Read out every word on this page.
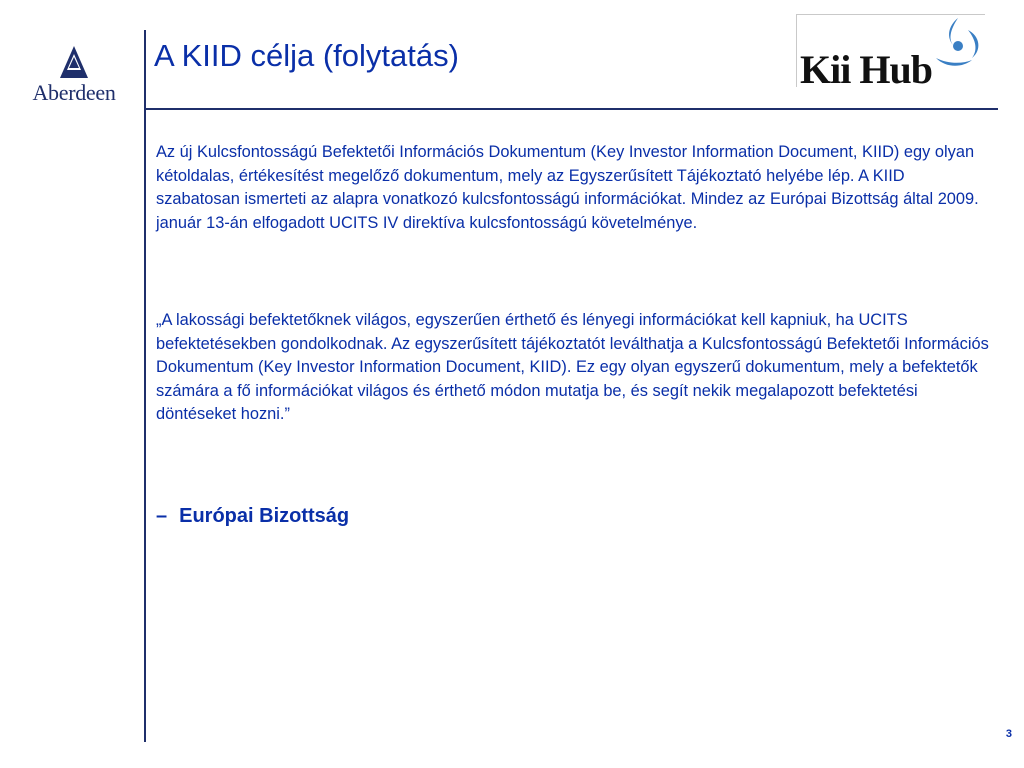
Aberdeen
A KIID célja (folytatás)	Kii Hub
Az új Kulcsfontosságú Befektetői Információs Dokumentum (Key Investor Information Document, KIID) egy olyan kétoldalas, értékesítést megelőző dokumentum, mely az Egyszerűsített Tájékoztató helyébe lép. A KIID szabatosan ismerteti az alapra vonatkozó kulcsfontosságú információkat. Mindez az Európai Bizottság által 2009. január 13-án elfogadott UCITS IV direktíva kulcsfontosságú követelménye.
„A lakossági befektetőknek világos, egyszerűen érthető és lényegi információkat kell kapniuk, ha UCITS befektetésekben gondolkodnak. Az egyszerűsített tájékoztatót leválthatja a Kulcsfontosságú Befektetői Információs Dokumentum (Key Investor Information Document, KIID). Ez egy olyan egyszerű dokumentum, mely a befektetők számára a fő információkat világos és érthető módon mutatja be, és segít nekik megalapozott befektetési döntéseket hozni.”
– Európai Bizottság
3
